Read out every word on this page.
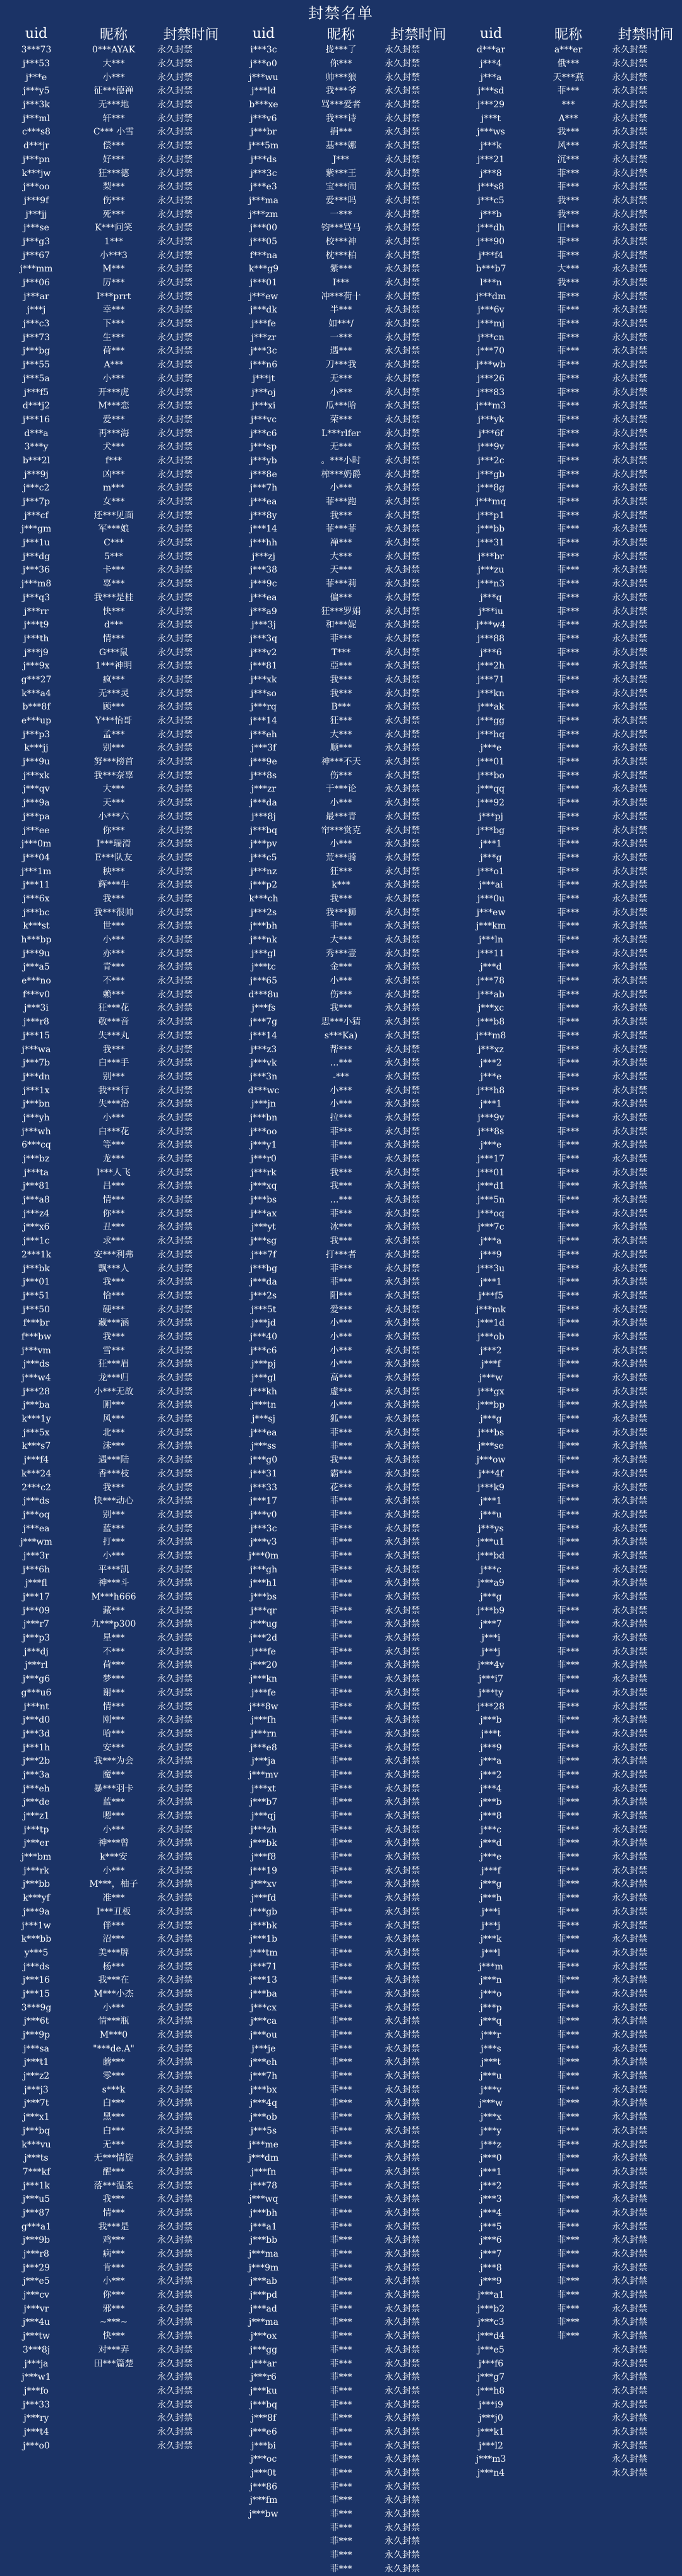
封禁名单
uid	昵称	封禁时间	uid	昵称	封禁时间	uid	昵称	封禁时间
3***73	0***AYAK	永久封禁	i***3c	拢***了	永久封禁	d***ar	a***er	永久封禁
j***53	大***	永久封禁	j***o0	你***	永久封禁	j***4	俄***	永久封禁
j***e	小***	永久封禁	j***wu	帅***狼	永久封禁	j***a	天***燕	永久封禁
j***y5	征***德禅	永久封禁	j***ld	我***爷	永久封禁	j***sd	菲***	永久封禁
j***3k	无***地	永久封禁	b***xe	骂***爱者	永久封禁	j***29	***	永久封禁
j***ml	轩***	永久封禁	j***v6	我***诗	永久封禁	j***t	A***	永久封禁
c***s8	C*** 小雪	永久封禁	j***br	捐***	永久封禁	j***ws	我***	永久封禁
d***jr	偿***	永久封禁	j***5m	基***娜	永久封禁	j***k	风***	永久封禁
j***pn	好***	永久封禁	j***ds	J***	永久封禁	j***21	沉***	永久封禁
k***jw	狂***德	永久封禁	j***3c	紫***王	永久封禁	j***8	菲***	永久封禁
j***oo	梨***	永久封禁	j***e3	宝***闹	永久封禁	j***s8	菲***	永久封禁
j***9f	伤***	永久封禁	j***ma	爱***吗	永久封禁	j***c5	我***	永久封禁
j***jj	死***	永久封禁	j***zm	一***	永久封禁	j***b	我***	永久封禁
j***se	K***问笑	永久封禁	j***00	钧***骂马	永久封禁	j***dh	旧***	永久封禁
j***g3	1***	永久封禁	j***05	校***神	永久封禁	j***90	菲***	永久封禁
j***67	小***3	永久封禁	f***na	枕***柏	永久封禁	j***f4	菲***	永久封禁
j***mm	M***	永久封禁	k***g9	紫***	永久封禁	b***b7	大***	永久封禁
j***06	厉***	永久封禁	j***01	I***	永久封禁	l***n	我***	永久封禁
j***ar	I***prrt	永久封禁	j***ew	冲***荷十	永久封禁	j***dm	菲***	永久封禁
j***j	幸***	永久封禁	j***dk	半***	永久封禁	j***6v	菲***	永久封禁
j***c3	下***	永久封禁	j***fe	如***/	永久封禁	j***mj	菲***	永久封禁
j***73	生***	永久封禁	j***zr	一***	永久封禁	j***cn	菲***	永久封禁
j***bg	荷***	永久封禁	j***3c	遇***	永久封禁	j***70	菲***	永久封禁
j***55	A***	永久封禁	j***n6	刀***我	永久封禁	j***wb	菲***	永久封禁
j***5a	小***	永久封禁	j***jt	无***	永久封禁	j***26	菲***	永久封禁
j***f5	开***虎	永久封禁	j***oj	小***	永久封禁	j***83	菲***	永久封禁
d***j2	M***恋	永久封禁	j***xi	瓜***哈	永久封禁	j***m3	菲***	永久封禁
j***16	爱***	永久封禁	j***vc	荣***	永久封禁	j***yk	菲***	永久封禁
d***a	再***海	永久封禁	j***c6	L***rlfer	永久封禁	j***6f	菲***	永久封禁
3***y	犬***	永久封禁	j***sp	无***	永久封禁	j***9v	菲***	永久封禁
b***2l	f***	永久封禁	j***yb	。***小时	永久封禁	j***2c	菲***	永久封禁
j***9j	凶***	永久封禁	j***8e	榨***奶爵	永久封禁	j***gb	菲***	永久封禁
j***c2	m***	永久封禁	j***7h	小***	永久封禁	j***8g	菲***	永久封禁
j***7p	女***	永久封禁	j***ea	菲***跑	永久封禁	j***mq	菲***	永久封禁
j***cf	还***见面	永久封禁	j***8y	我***	永久封禁	j***p1	菲***	永久封禁
j***gm	军***娘	永久封禁	j***14	菲***菲	永久封禁	j***bb	菲***	永久封禁
j***1u	C***	永久封禁	j***hh	禅***	永久封禁	j***31	菲***	永久封禁
j***dg	5***	永久封禁	j***zj	大***	永久封禁	j***br	菲***	永久封禁
j***36	卡***	永久封禁	j***38	天***	永久封禁	j***zu	菲***	永久封禁
j***m8	辜***	永久封禁	j***9c	菲***莉	永久封禁	j***n3	菲***	永久封禁
j***q3	我***是桂	永久封禁	j***ea	偏***	永久封禁	j***q	菲***	永久封禁
j***rr	快***	永久封禁	j***a9	狂***罗娟	永久封禁	j***iu	菲***	永久封禁
j***t9	d***	永久封禁	j***3j	和***妮	永久封禁	j***w4	菲***	永久封禁
j***th	情***	永久封禁	j***3q	菲***	永久封禁	j***88	菲***	永久封禁
j***j9	G***鼠	永久封禁	j***v2	T***	永久封禁	j***6	菲***	永久封禁
j***9x	1***神明	永久封禁	j***81	亞***	永久封禁	j***2h	菲***	永久封禁
g***27	疯***	永久封禁	j***xk	我***	永久封禁	j***71	菲***	永久封禁
k***a4	无***灵	永久封禁	j***so	我***	永久封禁	j***kn	菲***	永久封禁
b***8f	顾***	永久封禁	j***rq	B***	永久封禁	j***ak	菲***	永久封禁
e***up	Y***怡哥	永久封禁	j***14	狂***	永久封禁	j***gg	菲***	永久封禁
j***p3	孟***	永久封禁	j***eh	大***	永久封禁	j***hq	菲***	永久封禁
k***jj	别***	永久封禁	j***3f	顺***	永久封禁	j***e	菲***	永久封禁
j***9u	努***榜首	永久封禁	j***9e	神***不天	永久封禁	j***01	菲***	永久封禁
j***xk	我***奈辜	永久封禁	j***8s	伤***	永久封禁	j***bo	菲***	永久封禁
j***qv	大***	永久封禁	j***zr	于***论	永久封禁	j***qq	菲***	永久封禁
j***9a	天***	永久封禁	j***da	小***	永久封禁	j***92	菲***	永久封禁
j***pa	小***六	永久封禁	j***8j	最***青	永久封禁	j***pj	菲***	永久封禁
j***ee	你***	永久封禁	j***bq	帘***赏克	永久封禁	j***bg	菲***	永久封禁
j***0m	I***瑞滑	永久封禁	j***pv	小***	永久封禁	j***1	菲***	永久封禁
j***04	E***队友	永久封禁	j***c5	荒***骑	永久封禁	j***g	菲***	永久封禁
j***1m	秧***	永久封禁	j***nz	狂***	永久封禁	j***o1	菲***	永久封禁
j***11	辉***牛	永久封禁	j***p2	k***	永久封禁	j***ai	菲***	永久封禁
j***6x	我***	永久封禁	k***ch	我***	永久封禁	j***0u	菲***	永久封禁
j***bc	我***很帅	永久封禁	j***2s	我***狮	永久封禁	j***ew	菲***	永久封禁
k***st	世***	永久封禁	j***bh	菲***	永久封禁	j***km	菲***	永久封禁
h***bp	小***	永久封禁	j***nk	大***	永久封禁	j***ln	菲***	永久封禁
j***9u	亦***	永久封禁	j***gl	秀***壹	永久封禁	j***11	菲***	永久封禁
j***a5	青***	永久封禁	j***tc	金***	永久封禁	j***d	菲***	永久封禁
e***no	不***	永久封禁	j***65	小***	永久封禁	j***78	菲***	永久封禁
f***v0	赖***	永久封禁	d***8u	伤***	永久封禁	j***ab	菲***	永久封禁
j***3i	狂***花	永久封禁	j***fs	我***	永久封禁	j***xc	菲***	永久封禁
j***r8	敬***音	永久封禁	j***7g	思***小猜	永久封禁	j***b8	菲***	永久封禁
j***15	失***丸	永久封禁	j***14	s***Ka)	永久封禁	j***m8	菲***	永久封禁
j***wa	我***	永久封禁	j***z3	帮***	永久封禁	j***xz	菲***	永久封禁
j***7b	白***手	永久封禁	j***vk	…***	永久封禁	j***2	菲***	永久封禁
j***dn	别***	永久封禁	j***3n	-***	永久封禁	j***e	菲***	永久封禁
j***1x	我***行	永久封禁	d***wc	小***	永久封禁	j***h8	菲***	永久封禁
j***bn	失***治	永久封禁	j***jn	小***	永久封禁	j***1	菲***	永久封禁
j***yh	小***	永久封禁	j***bn	拉***	永久封禁	j***9v	菲***	永久封禁
j***wh	白***花	永久封禁	j***oo	菲***	永久封禁	j***8s	菲***	永久封禁
6***cq	等***	永久封禁	j***y1	菲***	永久封禁	j***e	菲***	永久封禁
j***bz	龙***	永久封禁	j***r0	菲***	永久封禁	j***17	菲***	永久封禁
j***ta	l***人飞	永久封禁	j***rk	我***	永久封禁	j***01	菲***	永久封禁
j***81	吕***	永久封禁	j***xq	我***	永久封禁	j***d1	菲***	永久封禁
j***a8	情***	永久封禁	j***bs	…***	永久封禁	j***5n	菲***	永久封禁
j***z4	你***	永久封禁	j***ax	菲***	永久封禁	j***oq	菲***	永久封禁
j***x6	丑***	永久封禁	j***yt	冰***	永久封禁	j***7c	菲***	永久封禁
j***1c	求***	永久封禁	j***sg	我***	永久封禁	j***a	菲***	永久封禁
2***1k	安***利弗	永久封禁	j***7f	打***者	永久封禁	j***9	菲***	永久封禁
j***bk	飘***人	永久封禁	j***bg	菲***	永久封禁	j***3u	菲***	永久封禁
j***01	我***	永久封禁	j***da	菲***	永久封禁	j***1	菲***	永久封禁
j***51	恰***	永久封禁	j***2s	阳***	永久封禁	j***f5	菲***	永久封禁
j***50	硬***	永久封禁	j***5t	爱***	永久封禁	j***mk	菲***	永久封禁
f***br	藏***涵	永久封禁	j***jd	小***	永久封禁	j***1d	菲***	永久封禁
f***bw	我***	永久封禁	j***40	小***	永久封禁	j***ob	菲***	永久封禁
j***vm	雪***	永久封禁	j***c6	小***	永久封禁	j***2	菲***	永久封禁
j***ds	狂***眉	永久封禁	j***pj	小***	永久封禁	j***f	菲***	永久封禁
j***w4	龙***归	永久封禁	j***gl	高***	永久封禁	j***w	菲***	永久封禁
j***28	小***无故	永久封禁	j***kh	虚***	永久封禁	j***gx	菲***	永久封禁
j***ba	厕***	永久封禁	j***tn	小***	永久封禁	j***bp	菲***	永久封禁
k***1y	风***	永久封禁	j***sj	狐***	永久封禁	j***g	菲***	永久封禁
j***5x	北***	永久封禁	j***ea	菲***	永久封禁	j***bs	菲***	永久封禁
k***s7	沫***	永久封禁	j***ss	菲***	永久封禁	j***se	菲***	永久封禁
j***f4	遇***陆	永久封禁	j***g0	我***	永久封禁	j***ow	菲***	永久封禁
k***24	香***枝	永久封禁	j***31	霸***	永久封禁	j***4f	菲***	永久封禁
2***c2	我***	永久封禁	j***33	花***	永久封禁	j***k9	菲***	永久封禁
j***ds	快***动心	永久封禁	j***17	菲***	永久封禁	j***1	菲***	永久封禁
j***oq	别***	永久封禁	j***v0	菲***	永久封禁	j***u	菲***	永久封禁
j***ea	蓝***	永久封禁	j***3c	菲***	永久封禁	j***ys	菲***	永久封禁
j***wm	打***	永久封禁	j***v3	菲***	永久封禁	j***u1	菲***	永久封禁
j***3r	小***	永久封禁	j***0m	菲***	永久封禁	j***bd	菲***	永久封禁
j***6h	平***凯	永久封禁	j***gh	菲***	永久封禁	j***c	菲***	永久封禁
j***fl	神***斗	永久封禁	j***h1	菲***	永久封禁	j***a9	菲***	永久封禁
j***17	M***h666	永久封禁	j***bs	菲***	永久封禁	j***g	菲***	永久封禁
j***09	藏***	永久封禁	j***qr	菲***	永久封禁	j***b9	菲***	永久封禁
j***r7	九***p300	永久封禁	j***ug	菲***	永久封禁	j***7	菲***	永久封禁
j***p3	星***	永久封禁	j***2d	菲***	永久封禁	j***i	菲***	永久封禁
j***dj	不***	永久封禁	j***fe	菲***	永久封禁	j***j	菲***	永久封禁
j***rl	荷***	永久封禁	j***20	菲***	永久封禁	j***4v	菲***	永久封禁
j***g6	梦***	永久封禁	j***kn	菲***	永久封禁	j***i7	菲***	永久封禁
g***u6	谢***	永久封禁	j***fe	菲***	永久封禁	j***ty	菲***	永久封禁
j***nt	情***	永久封禁	j***8w	菲***	永久封禁	j***28	菲***	永久封禁
j***d0	刚***	永久封禁	j***fh	菲***	永久封禁	j***b	菲***	永久封禁
j***3d	哈***	永久封禁	j***rn	菲***	永久封禁	j***t	菲***	永久封禁
j***1h	安***	永久封禁	j***e8	菲***	永久封禁	j***9	菲***	永久封禁
j***2b	我***为会	永久封禁	j***ja	菲***	永久封禁	j***a	菲***	永久封禁
j***3a	魔***	永久封禁	j***mv	菲***	永久封禁	j***2	菲***	永久封禁
j***eh	暴***羽卡	永久封禁	j***xt	菲***	永久封禁	j***4	菲***	永久封禁
j***de	蓝***	永久封禁	j***b7	菲***	永久封禁	j***b	菲***	永久封禁
j***z1	嗯***	永久封禁	j***qj	菲***	永久封禁	j***8	菲***	永久封禁
j***tp	小***	永久封禁	j***zh	菲***	永久封禁	j***c	菲***	永久封禁
j***er	神***曾	永久封禁	j***bk	菲***	永久封禁	j***d	菲***	永久封禁
j***bm	k***安	永久封禁	j***f8	菲***	永久封禁	j***e	菲***	永久封禁
j***rk	小***	永久封禁	j***19	菲***	永久封禁	j***f	菲***	永久封禁
j***bb	M***，柚子	永久封禁	j***xv	菲***	永久封禁	j***g	菲***	永久封禁
k***yf	准***	永久封禁	j***fd	菲***	永久封禁	j***h	菲***	永久封禁
j***9a	I***丑板	永久封禁	j***gb	菲***	永久封禁	j***i	菲***	永久封禁
j***1w	伴***	永久封禁	j***bk	菲***	永久封禁	j***j	菲***	永久封禁
k***bb	沼***	永久封禁	j***1b	菲***	永久封禁	j***k	菲***	永久封禁
y***5	美***牌	永久封禁	j***tm	菲***	永久封禁	j***l	菲***	永久封禁
j***ds	杨***	永久封禁	j***71	菲***	永久封禁	j***m	菲***	永久封禁
j***16	我***在	永久封禁	j***13	菲***	永久封禁	j***n	菲***	永久封禁
j***15	M***小杰	永久封禁	j***ba	菲***	永久封禁	j***o	菲***	永久封禁
3***9g	小***	永久封禁	j***cx	菲***	永久封禁	j***p	菲***	永久封禁
j***6t	情***瓶	永久封禁	j***ca	菲***	永久封禁	j***q	菲***	永久封禁
j***9p	M***0	永久封禁	j***ou	菲***	永久封禁	j***r	菲***	永久封禁
j***sa	"***de.A"	永久封禁	j***je	菲***	永久封禁	j***s	菲***	永久封禁
j***t1	蘑***	永久封禁	j***eh	菲***	永久封禁	j***t	菲***	永久封禁
j***z2	零***	永久封禁	j***7h	菲***	永久封禁	j***u	菲***	永久封禁
j***j3	s***k	永久封禁	j***bx	菲***	永久封禁	j***v	菲***	永久封禁
j***7t	白***	永久封禁	j***4q	菲***	永久封禁	j***w	菲***	永久封禁
j***x1	黑***	永久封禁	j***ob	菲***	永久封禁	j***x	菲***	永久封禁
j***bq	白***	永久封禁	j***5s	菲***	永久封禁	j***y	菲***	永久封禁
k***vu	无***	永久封禁	j***me	菲***	永久封禁	j***z	菲***	永久封禁
j***ts	无***情旋	永久封禁	j***dm	菲***	永久封禁	j***0	菲***	永久封禁
7***kf	醒***	永久封禁	j***fn	菲***	永久封禁	j***1	菲***	永久封禁
j***1k	落***温柔	永久封禁	j***78	菲***	永久封禁	j***2	菲***	永久封禁
j***u5	我***	永久封禁	j***wq	菲***	永久封禁	j***3	菲***	永久封禁
j***87	情***	永久封禁	j***bh	菲***	永久封禁	j***4	菲***	永久封禁
g***a1	我***是	永久封禁	j***a1	菲***	永久封禁	j***5	菲***	永久封禁
j***9b	鸡***	永久封禁	j***bb	菲***	永久封禁	j***6	菲***	永久封禁
j***r8	病***	永久封禁	j***ma	菲***	永久封禁	j***7	菲***	永久封禁
j***29	肯***	永久封禁	j***9m	菲***	永久封禁	j***8	菲***	永久封禁
j***e5	小***	永久封禁	j***ab	菲***	永久封禁	j***9	菲***	永久封禁
j***cv	你***	永久封禁	j***pd	菲***	永久封禁	j***a1	菲***	永久封禁
j***vr	邪***	永久封禁	j***ad	菲***	永久封禁	j***b2	菲***	永久封禁
j***4u	~***~	永久封禁	j***ma	菲***	永久封禁	j***c3	菲***	永久封禁
j***tw	快***	永久封禁	j***ox	菲***	永久封禁	j***d4	菲***	永久封禁
3***8j	对***弄	永久封禁	j***gg	菲***	永久封禁	j***e5		永久封禁
j***ja	田***篇楚	永久封禁	j***ar	菲***	永久封禁	j***f6		永久封禁
j***w1		永久封禁	j***r6	菲***	永久封禁	j***g7		永久封禁
j***fo		永久封禁	j***ku	菲***	永久封禁	j***h8		永久封禁
j***33		永久封禁	j***bq	菲***	永久封禁	j***i9		永久封禁
j***ry		永久封禁	j***8f	菲***	永久封禁	j***j0		永久封禁
j***t4		永久封禁	j***e6	菲***	永久封禁	j***k1		永久封禁
j***o0		永久封禁	j***bi	菲***	永久封禁	j***l2		永久封禁
			j***oc	菲***	永久封禁	j***m3		永久封禁
			j***0t	菲***	永久封禁	j***n4		永久封禁
			j***86	菲***	永久封禁			
			j***fm	菲***	永久封禁			
			j***bw	菲***	永久封禁			
				菲***	永久封禁			
				菲***	永久封禁			
				菲***	永久封禁			
				菲***	永久封禁			
